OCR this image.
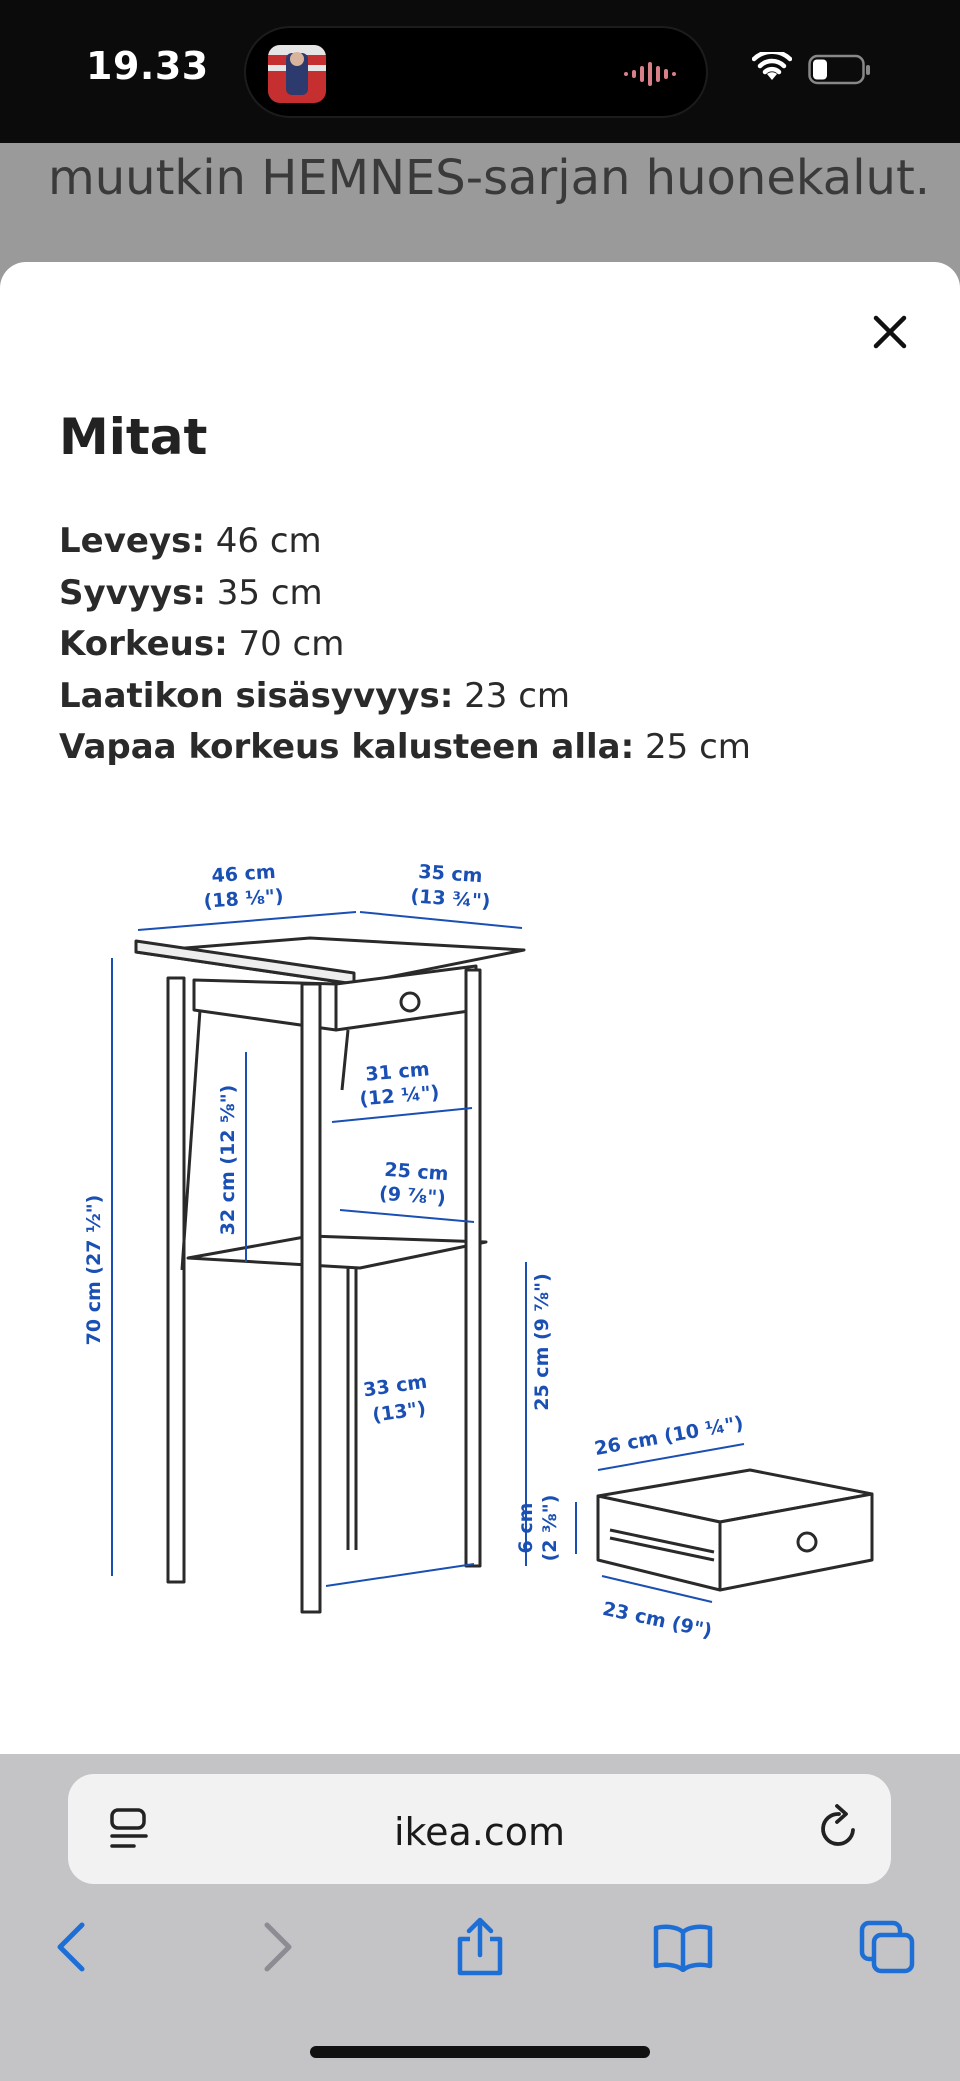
19.33
muutkin HEMNES-sarjan huonekalut.
Mitat
Leveys: 46 cm
Syvyys: 35 cm
Korkeus: 70 cm
Laatikon sisäsyvyys: 23 cm
Vapaa korkeus kalusteen alla: 25 cm
46 cm
(18 ⅛")
35 cm
(13 ¾")
70 cm (27 ½")
32 cm (12 ⅝")
31 cm
(12 ¼")
25 cm
(9 ⅞")
25 cm (9 ⅞")
33 cm
(13")
26 cm (10 ¼")
6 cm (2 ⅜")
23 cm (9")
ikea.com
